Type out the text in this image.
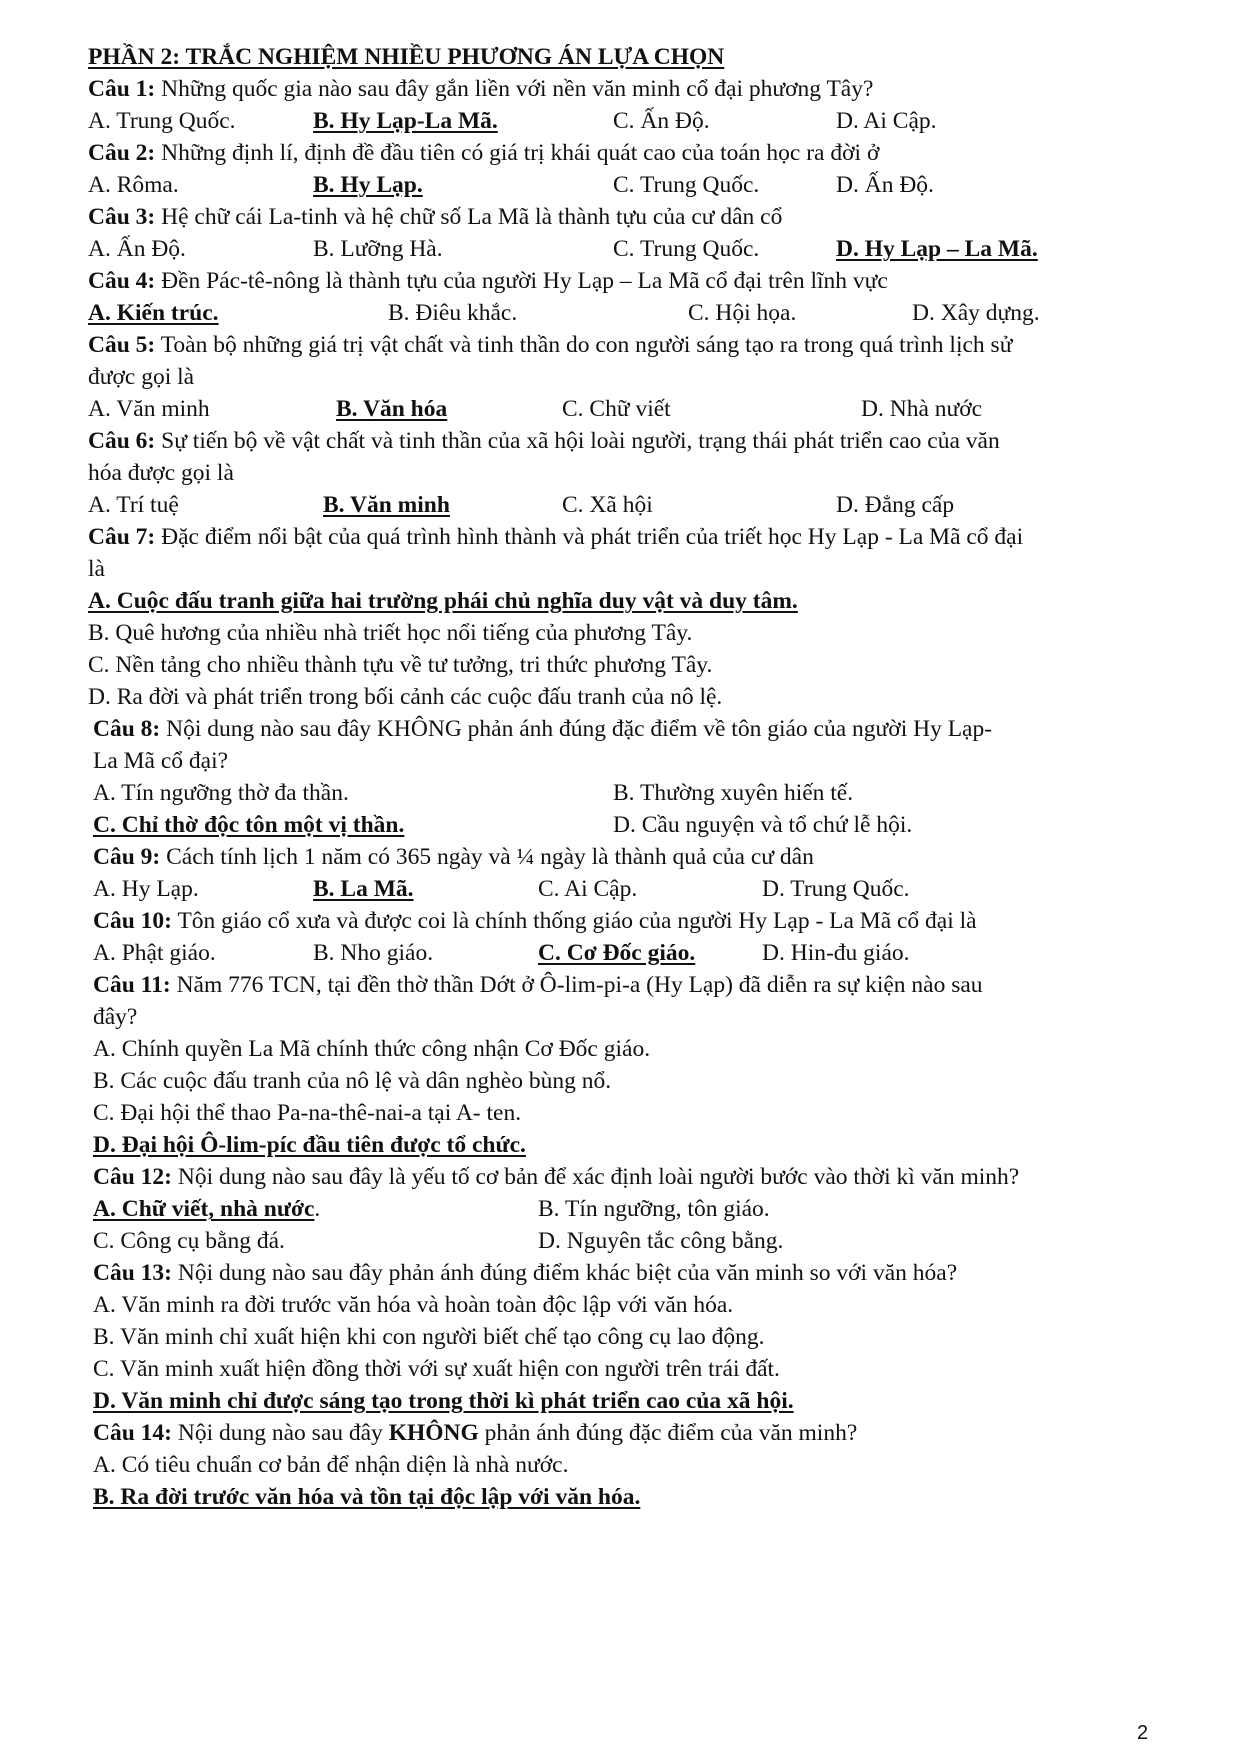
PHẦN 2: TRẮC NGHIỆM NHIỀU PHƯƠNG ÁN LỰA CHỌN
Câu 1: Những quốc gia nào sau đây gắn liền với nền văn minh cổ đại phương Tây?
A. Trung Quốc.	B. Hy Lạp-La Mã.	C. Ấn Độ.	D. Ai Cập.
Câu 2: Những định lí, định đề đầu tiên có giá trị khái quát cao của toán học ra đời ở
A. Rôma.	B. Hy Lạp.	C. Trung Quốc.	D. Ấn Độ.
Câu 3: Hệ chữ cái La-tinh và hệ chữ số La Mã là thành tựu của cư dân cổ
A. Ấn Độ.	B. Lưỡng Hà.	C. Trung Quốc.	D. Hy Lạp – La Mã.
Câu 4: Đền Pác-tê-nông là thành tựu của người Hy Lạp – La Mã cổ đại trên lĩnh vực
A. Kiến trúc.	B. Điêu khắc.	C. Hội họa.	D. Xây dựng.
Câu 5: Toàn bộ những giá trị vật chất và tinh thần do con người sáng tạo ra trong quá trình lịch sử
được gọi là
A. Văn minh	B. Văn hóa	C. Chữ viết	D. Nhà nước
Câu 6: Sự tiến bộ về vật chất và tinh thần của xã hội loài người, trạng thái phát triển cao của văn
hóa được gọi là
A. Trí tuệ	B. Văn minh	C. Xã hội	D. Đẳng cấp
Câu 7: Đặc điểm nổi bật của quá trình hình thành và phát triển của triết học Hy Lạp - La Mã cổ đại
là
A. Cuộc đấu tranh giữa hai trường phái chủ nghĩa duy vật và duy tâm.
B. Quê hương của nhiều nhà triết học nổi tiếng của phương Tây.
C. Nền tảng cho nhiều thành tựu về tư tưởng, tri thức phương Tây.
D. Ra đời và phát triển trong bối cảnh các cuộc đấu tranh của nô lệ.
Câu 8: Nội dung nào sau đây KHÔNG phản ánh đúng đặc điểm về tôn giáo của người Hy Lạp-
La Mã cổ đại?
A. Tín ngưỡng thờ đa thần.	B. Thường xuyên hiến tế.
C. Chỉ thờ độc tôn một vị thần.	D. Cầu nguyện và tổ chứ lễ hội.
Câu 9: Cách tính lịch 1 năm có 365 ngày và ¼ ngày là thành quả của cư dân
A. Hy Lạp.	B. La Mã.	C. Ai Cập.	D. Trung Quốc.
Câu 10: Tôn giáo cổ xưa và được coi là chính thống giáo của người Hy Lạp - La Mã cổ đại là
A. Phật giáo.	B. Nho giáo.	C. Cơ Đốc giáo.	D. Hin-đu giáo.
Câu 11: Năm 776 TCN, tại đền thờ thần Dớt ở Ô-lim-pi-a (Hy Lạp) đã diễn ra sự kiện nào sau
đây?
A. Chính quyền La Mã chính thức công nhận Cơ Đốc giáo.
B. Các cuộc đấu tranh của nô lệ và dân nghèo bùng nổ.
C. Đại hội thể thao Pa-na-thê-nai-a tại A- ten.
D. Đại hội Ô-lim-píc đầu tiên được tổ chức.
Câu 12: Nội dung nào sau đây là yếu tố cơ bản để xác định loài người bước vào thời kì văn minh?
A. Chữ viết, nhà nước.	B. Tín ngưỡng, tôn giáo.
C. Công cụ bằng đá.	D. Nguyên tắc công bằng.
Câu 13: Nội dung nào sau đây phản ánh đúng điểm khác biệt của văn minh so với văn hóa?
A. Văn minh ra đời trước văn hóa và hoàn toàn độc lập với văn hóa.
B. Văn minh chỉ xuất hiện khi con người biết chế tạo công cụ lao động.
C. Văn minh xuất hiện đồng thời với sự xuất hiện con người trên trái đất.
D. Văn minh chỉ được sáng tạo trong thời kì phát triển cao của xã hội.
Câu 14: Nội dung nào sau đây KHÔNG phản ánh đúng đặc điểm của văn minh?
A. Có tiêu chuẩn cơ bản để nhận diện là nhà nước.
B. Ra đời trước văn hóa và tồn tại độc lập với văn hóa.
2
